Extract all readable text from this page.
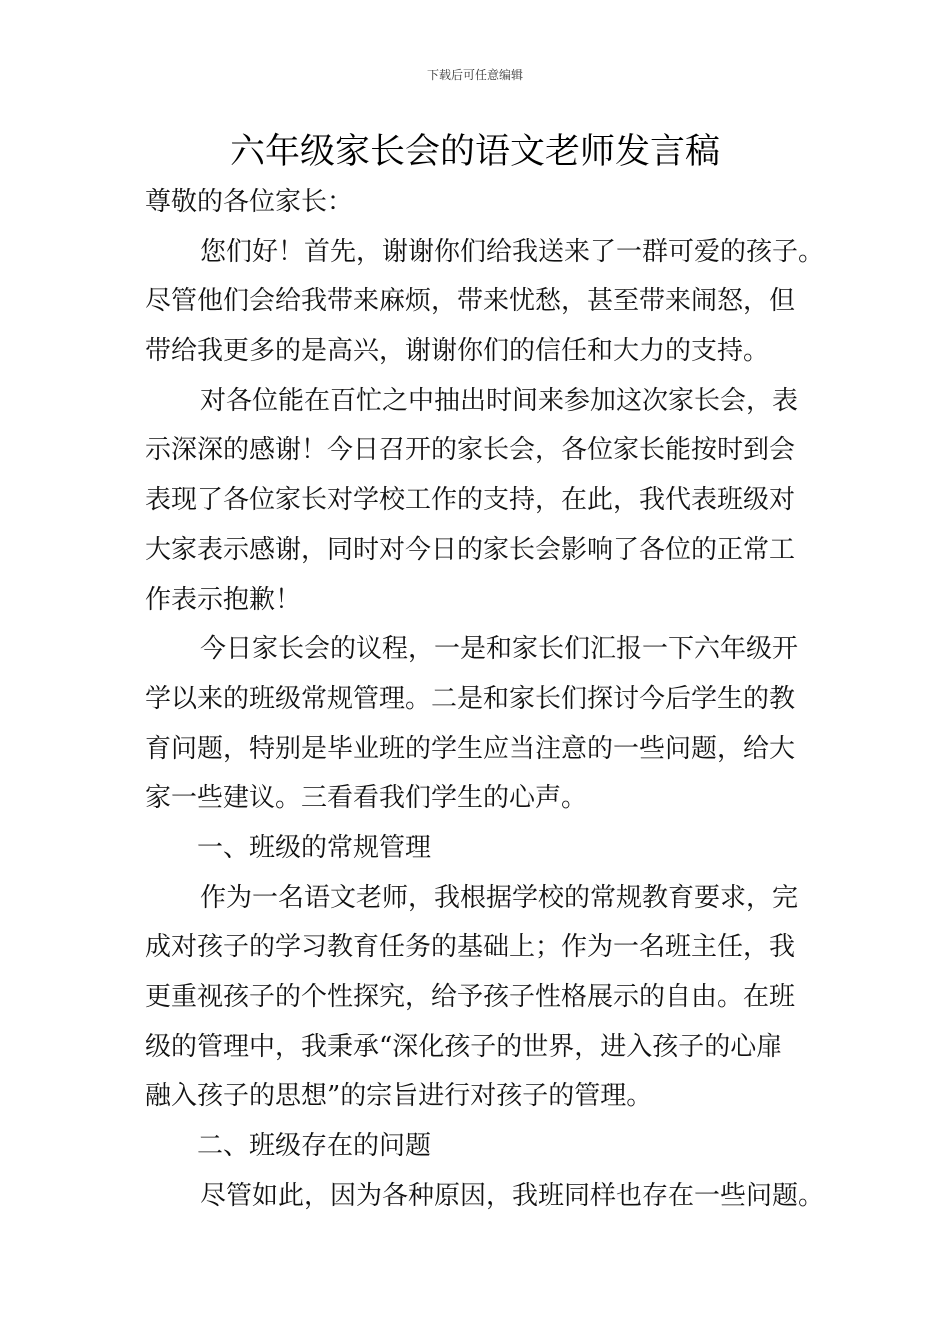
下载后可任意编辑
六年级家长会的语文老师发言稿
尊敬的各位家长：
您们好！首先，谢谢你们给我送来了一群可爱的孩子。
尽管他们会给我带来麻烦，带来忧愁，甚至带来闹怒，但
带给我更多的是高兴，谢谢你们的信任和大力的支持。
对各位能在百忙之中抽出时间来参加这次家长会，表
示深深的感谢！今日召开的家长会，各位家长能按时到会
表现了各位家长对学校工作的支持，在此，我代表班级对
大家表示感谢，同时对今日的家长会影响了各位的正常工
作表示抱歉！
今日家长会的议程，一是和家长们汇报一下六年级开
学以来的班级常规管理。二是和家长们探讨今后学生的教
育问题，特别是毕业班的学生应当注意的一些问题，给大
家一些建议。三看看我们学生的心声。
一、班级的常规管理
作为一名语文老师，我根据学校的常规教育要求，完
成对孩子的学习教育任务的基础上；作为一名班主任，我
更重视孩子的个性探究，给予孩子性格展示的自由。在班
级的管理中，我秉承“深化孩子的世界，进入孩子的心扉
融入孩子的思想”的宗旨进行对孩子的管理。
二、班级存在的问题
尽管如此，因为各种原因，我班同样也存在一些问题。
